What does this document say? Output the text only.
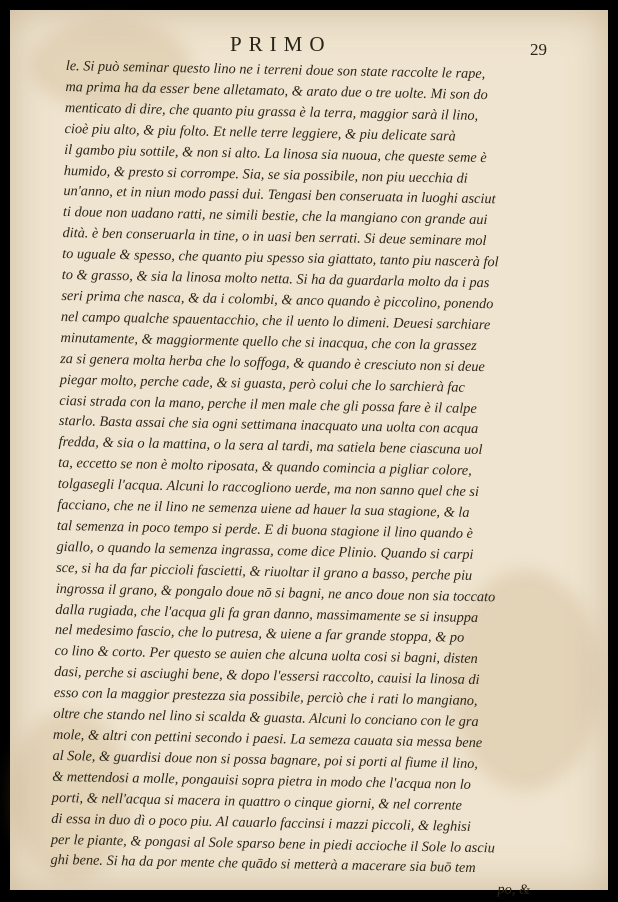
PRIMO	29
le. Si può seminar questo lino ne i terreni doue son state raccolte le rape,
ma prima ha da esser bene alletamato, & arato due o tre uolte. Mi son do
menticato di dire, che quanto piu grassa è la terra, maggior sarà il lino,
cioè piu alto, & piu folto. Et nelle terre leggiere, & piu delicate sarà
il gambo piu sottile, & non si alto. La linosa sia nuoua, che queste seme è
humido, & presto si corrompe. Sia, se sia possibile, non piu uecchia di
un'anno, et in niun modo passi dui. Tengasi ben conseruata in luoghi asciut
ti doue non uadano ratti, ne simili bestie, che la mangiano con grande aui
dità. è ben conseruarla in tine, o in uasi ben serrati. Si deue seminare mol
to uguale & spesso, che quanto piu spesso sia giattato, tanto piu nascerà fol
to & grasso, & sia la linosa molto netta. Si ha da guardarla molto da i pas
seri prima che nasca, & da i colombi, & anco quando è piccolino, ponendo
nel campo qualche spauentacchio, che il uento lo dimeni. Deuesi sarchiare
minutamente, & maggiormente quello che si inacqua, che con la grassez
za si genera molta herba che lo soffoga, & quando è cresciuto non si deue
piegar molto, perche cade, & si guasta, però colui che lo sarchierà fac
ciasi strada con la mano, perche il men male che gli possa fare è il calpe
starlo. Basta assai che sia ogni settimana inacquato una uolta con acqua
fredda, & sia o la mattina, o la sera al tardi, ma satiela bene ciascuna uol
ta, eccetto se non è molto riposata, & quando comincia a pigliar colore,
tolgasegli l'acqua. Alcuni lo raccogliono uerde, ma non sanno quel che si
facciano, che ne il lino ne semenza uiene ad hauer la sua stagione, & la
tal semenza in poco tempo si perde. E di buona stagione il lino quando è
giallo, o quando la semenza ingrassa, come dice Plinio. Quando si carpi
sce, si ha da far piccioli fascietti, & riuoltar il grano a basso, perche piu
ingrossa il grano, & pongalo doue nō si bagni, ne anco doue non sia toccato
dalla rugiada, che l'acqua gli fa gran danno, massimamente se si insuppa
nel medesimo fascio, che lo putresa, & uiene a far grande stoppa, & po
co lino & corto. Per questo se auien che alcuna uolta cosi si bagni, disten
dasi, perche si asciughi bene, & dopo l'essersi raccolto, cauisi la linosa di
esso con la maggior prestezza sia possibile, perciò che i rati lo mangiano,
oltre che stando nel lino si scalda & guasta. Alcuni lo conciano con le gra
mole, & altri con pettini secondo i paesi. La semeza cauata sia messa bene
al Sole, & guardisi doue non si possa bagnare, poi si porti al fiume il lino,
& mettendosi a molle, pongauisi sopra pietra in modo che l'acqua non lo
porti, & nell'acqua si macera in quattro o cinque giorni, & nel corrente
di essa in duo dì o poco piu. Al cauarlo faccinsi i mazzi piccoli, & leghisi
per le piante, & pongasi al Sole sparso bene in piedi accioche il Sole lo asciu
ghi bene. Si ha da por mente che quādo si metterà a macerare sia buō tem
po, &
